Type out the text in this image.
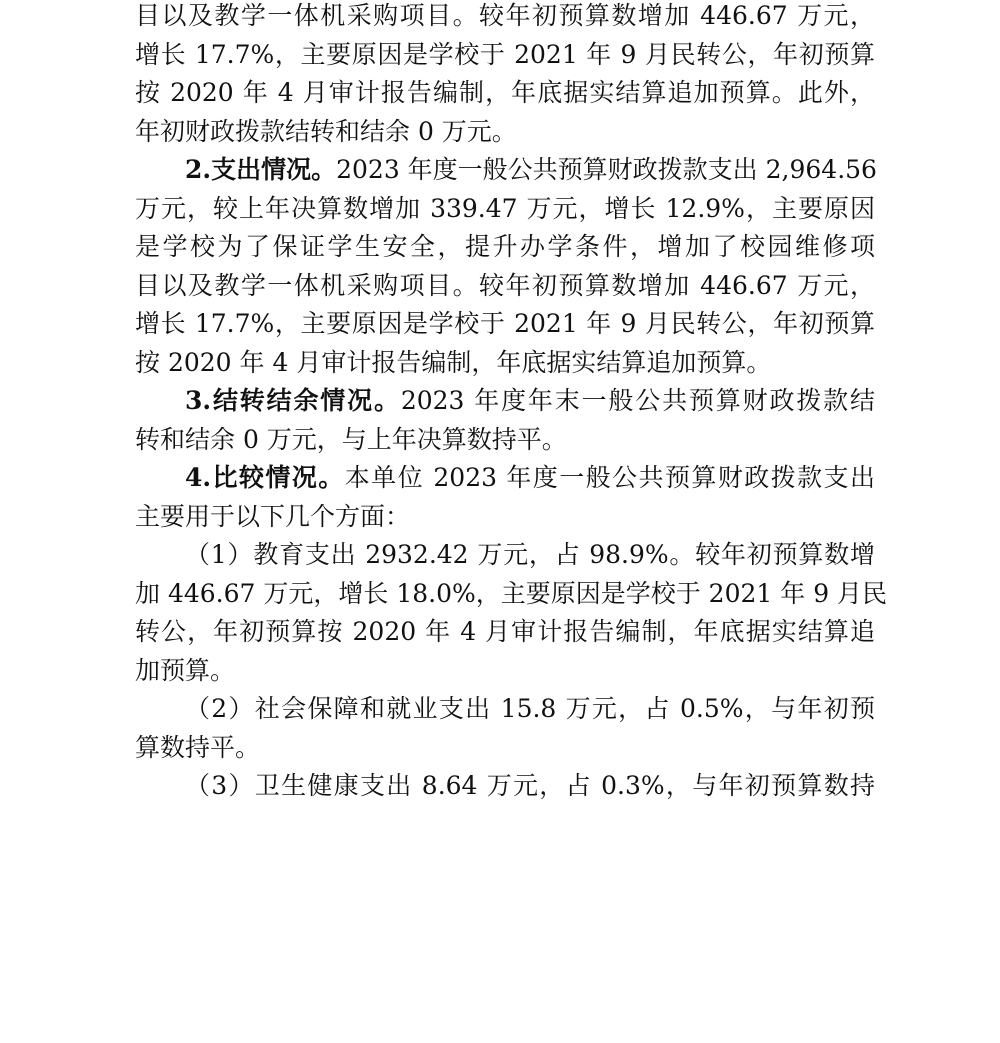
目以及教学一体机采购项目。较年初预算数增加 446.67 万元，
增长 17.7%，主要原因是学校于 2021 年 9 月民转公，年初预算
按 2020 年 4 月审计报告编制，年底据实结算追加预算。此外，
年初财政拨款结转和结余 0 万元。
2.支出情况。2023 年度一般公共预算财政拨款支出 2,964.56
万元，较上年决算数增加 339.47 万元，增长 12.9%，主要原因
是学校为了保证学生安全，提升办学条件，增加了校园维修项
目以及教学一体机采购项目。较年初预算数增加 446.67 万元，
增长 17.7%，主要原因是学校于 2021 年 9 月民转公，年初预算
按 2020 年 4 月审计报告编制，年底据实结算追加预算。
3.结转结余情况。2023 年度年末一般公共预算财政拨款结
转和结余 0 万元，与上年决算数持平。
4.比较情况。本单位 2023 年度一般公共预算财政拨款支出
主要用于以下几个方面：
（1）教育支出 2932.42 万元，占 98.9%。较年初预算数增
加 446.67 万元，增长 18.0%，主要原因是学校于 2021 年 9 月民
转公，年初预算按 2020 年 4 月审计报告编制，年底据实结算追
加预算。
（2）社会保障和就业支出 15.8 万元，占 0.5%，与年初预
算数持平。
（3）卫生健康支出 8.64 万元，占 0.3%，与年初预算数持
